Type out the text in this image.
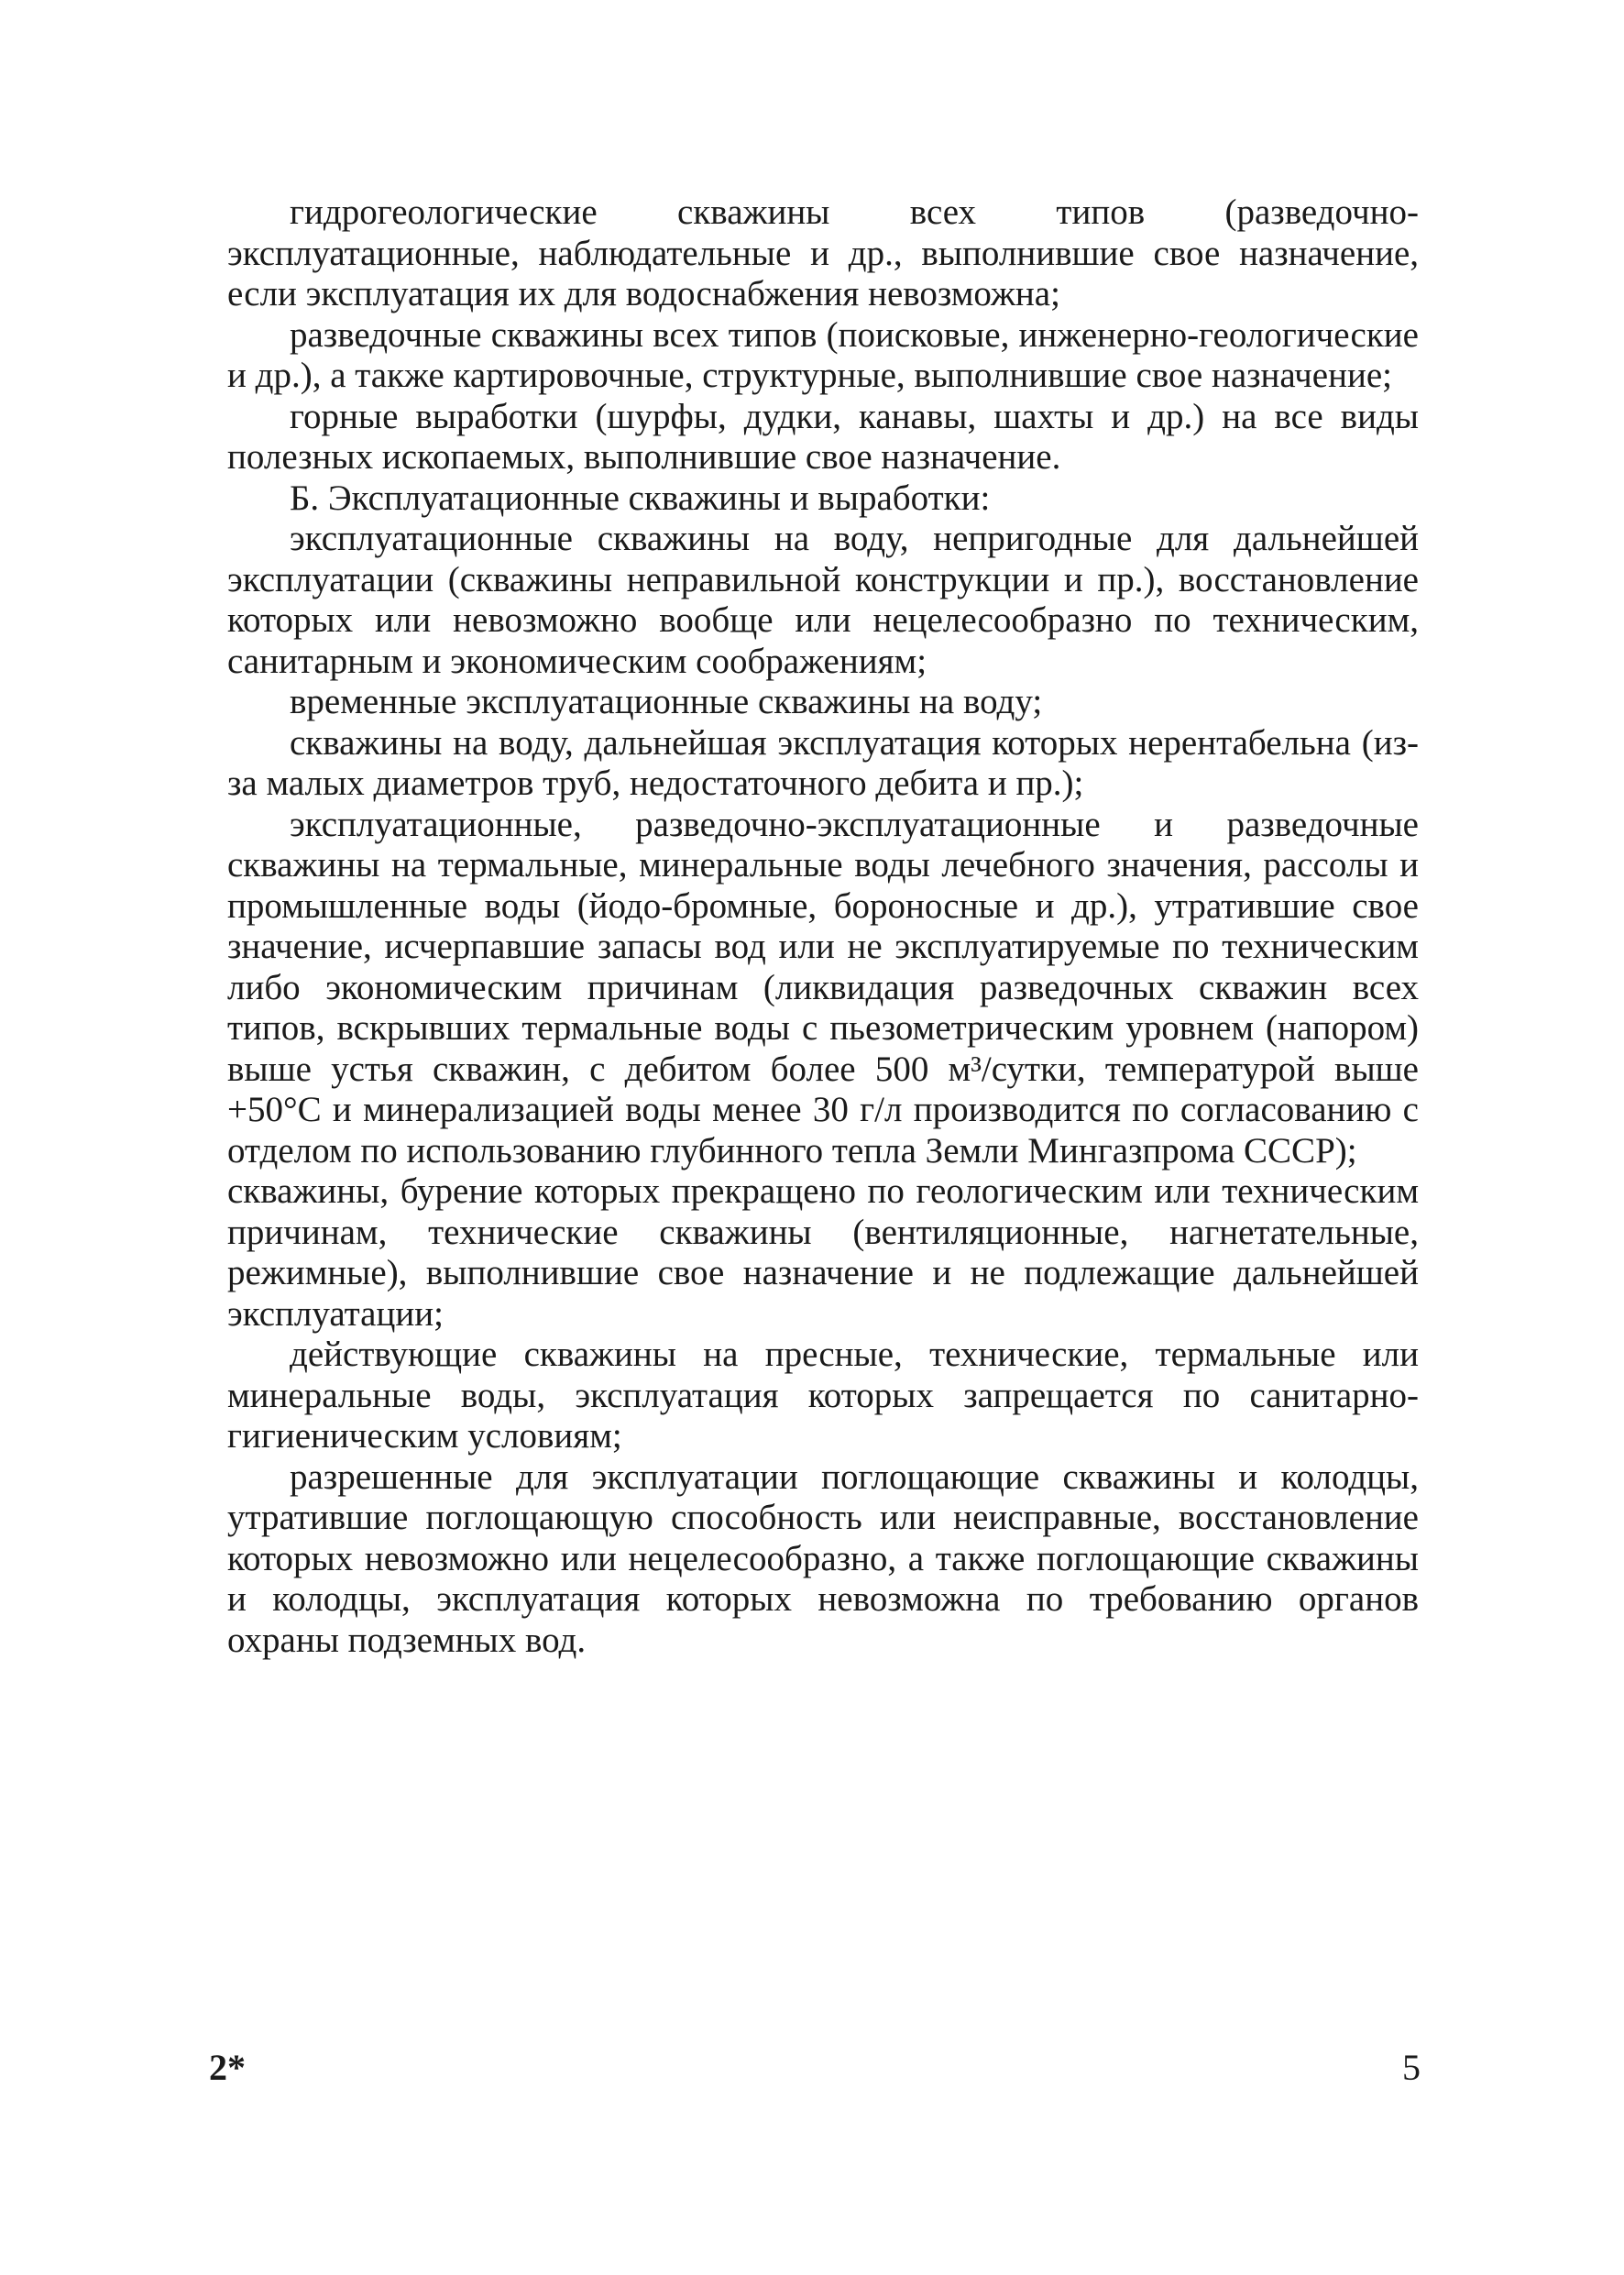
гидрогеологические скважины всех типов (разведочно-эксплуатационные, наблюдательные и др., выполнившие свое назначение, если эксплуатация их для водоснабжения невозможна;

разведочные скважины всех типов (поисковые, инженерно-геологические и др.), а также картировочные, структурные, выполнившие свое назначение;

горные выработки (шурфы, дудки, канавы, шахты и др.) на все виды полезных ископаемых, выполнившие свое назначение.

Б. Эксплуатационные скважины и выработки:

эксплуатационные скважины на воду, непригодные для дальнейшей эксплуатации (скважины неправильной конструкции и пр.), восстановление которых или невозможно вообще или нецелесообразно по техническим, санитарным и экономическим соображениям;

временные эксплуатационные скважины на воду;

скважины на воду, дальнейшая эксплуатация которых нерентабельна (из-за малых диаметров труб, недостаточного дебита и пр.);

эксплуатационные, разведочно-эксплуатационные и разведочные скважины на термальные, минеральные воды лечебного значения, рассолы и промышленные воды (йодо-бромные, бороносные и др.), утратившие свое значение, исчерпавшие запасы вод или не эксплуатируемые по техническим либо экономическим причинам (ликвидация разведочных скважин всех типов, вскрывших термальные воды с пьезометрическим уровнем (напором) выше устья скважин, с дебитом более 500 м³/сутки, температурой выше +50°С и минерализацией воды менее 30 г/л производится по согласованию с отделом по использованию глубинного тепла Земли Мингазпрома СССР);

скважины, бурение которых прекращено по геологическим или техническим причинам, технические скважины (вентиляционные, нагнетательные, режимные), выполнившие свое назначение и не подлежащие дальнейшей эксплуатации;

действующие скважины на пресные, технические, термальные или минеральные воды, эксплуатация которых запрещается по санитарно-гигиеническим условиям;

разрешенные для эксплуатации поглощающие скважины и колодцы, утратившие поглощающую способность или неисправные, восстановление которых невозможно или нецелесообразно, а также поглощающие скважины и колодцы, эксплуатация которых невозможна по требованию органов охраны подземных вод.

2*	5
